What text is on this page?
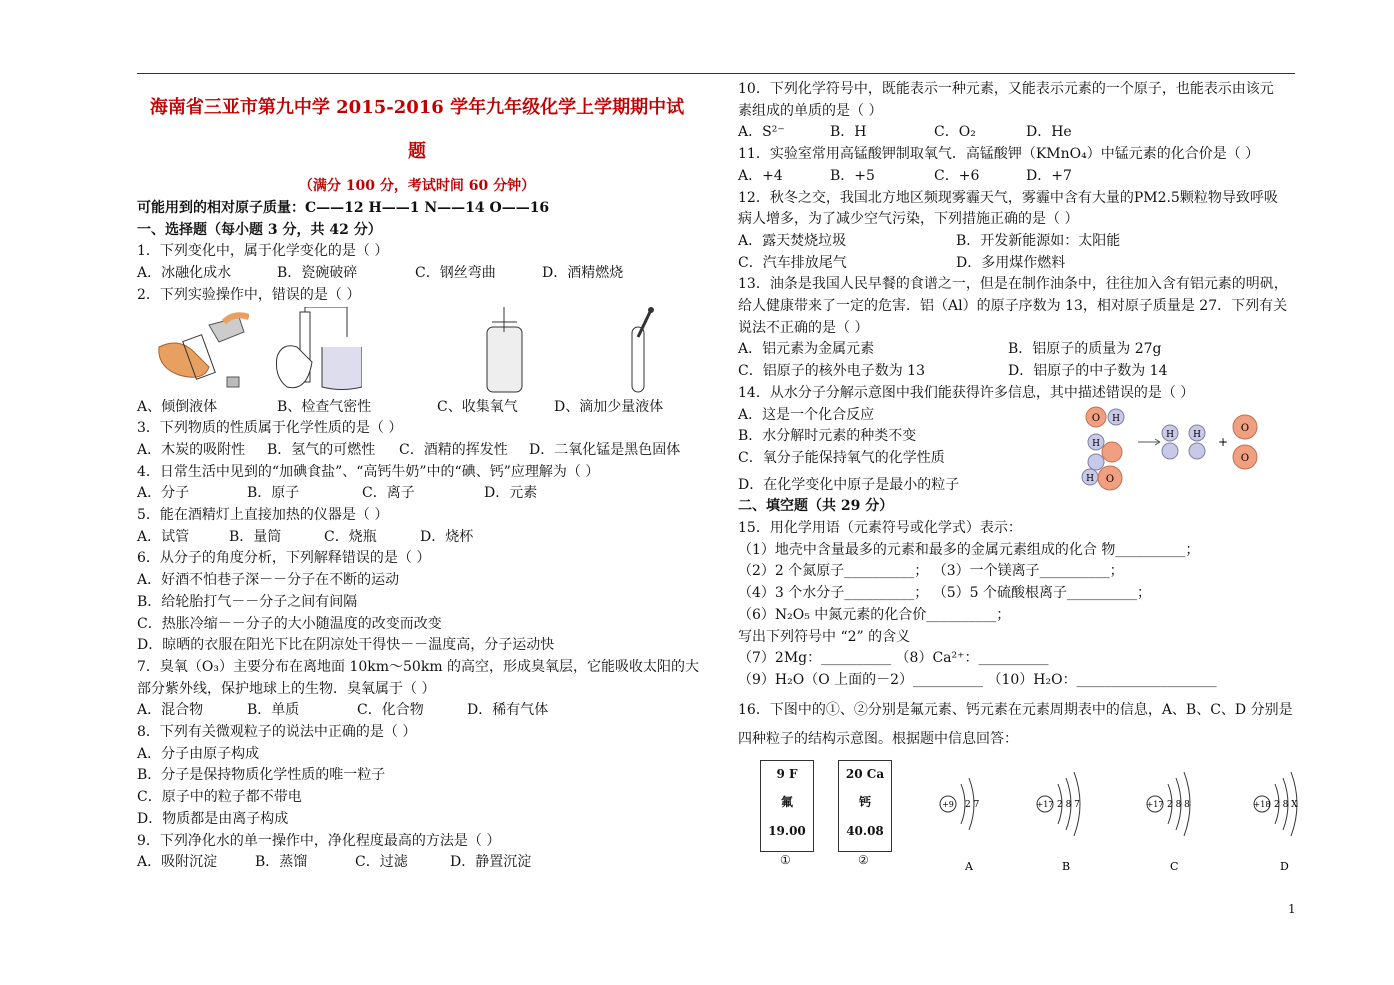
海南省三亚市第九中学 2015-2016 学年九年级化学上学期期中试
题
（满分 100 分，考试时间 60 分钟）
可能用到的相对原子质量：C——12 H——1 N——14 O——16
一、选择题（每小题 3 分，共 42 分）
1．下列变化中，属于化学变化的是（ ）
A．冰融化成水	B．瓷碗破碎	C．钢丝弯曲	D．酒精燃烧
2．下列实验操作中，错误的是（ ）
A、倾倒液体	B、检查气密性	C、收集氧气	D、滴加少量液体
3．下列物质的性质属于化学性质的是（ ）
A．木炭的吸附性	B．氢气的可燃性	C．酒精的挥发性	D．二氧化锰是黑色固体
4．日常生活中见到的“加碘食盐”、“高钙牛奶”中的“碘、钙”应理解为（ ）
A．分子	B．原子	C．离子	D．元素
5．能在酒精灯上直接加热的仪器是（ ）
A．试管	B．量筒	C．烧瓶	D．烧杯
6．从分子的角度分析，下列解释错误的是（ ）
A．好酒不怕巷子深－－分子在不断的运动
B．给轮胎打气－－分子之间有间隔
C．热胀冷缩－－分子的大小随温度的改变而改变
D．晾晒的衣服在阳光下比在阴凉处干得快－－温度高，分子运动快
7．臭氧（O₃）主要分布在离地面 10km～50km 的高空，形成臭氧层，它能吸收太阳的大
部分紫外线，保护地球上的生物．臭氧属于（ ）
A．混合物	B．单质	C．化合物	D．稀有气体
8．下列有关微观粒子的说法中正确的是（ ）
A．分子由原子构成
B．分子是保持物质化学性质的唯一粒子
C．原子中的粒子都不带电
D．物质都是由离子构成
9．下列净化水的单一操作中，净化程度最高的方法是（ ）
A．吸附沉淀	B．蒸馏	C．过滤	D．静置沉淀
10．下列化学符号中，既能表示一种元素，又能表示元素的一个原子，也能表示由该元
素组成的单质的是（ ）
A．S²⁻	B．H	C．O₂	D．He
11．实验室常用高锰酸钾制取氧气．高锰酸钾（KMnO₄）中锰元素的化合价是（ ）
A．+4	B．+5	C．+6	D．+7
12．秋冬之交，我国北方地区频现雾霾天气，雾霾中含有大量的PM2.5颗粒物导致呼吸
病人增多，为了减少空气污染，下列措施正确的是（ ）
A．露天焚烧垃圾	B．开发新能源如：太阳能
C．汽车排放尾气	D．多用煤作燃料
13．油条是我国人民早餐的食谱之一，但是在制作油条中，往往加入含有铝元素的明矾，
给人健康带来了一定的危害．铝（Al）的原子序数为 13，相对原子质量是 27．下列有关
说法不正确的是（ ）
A．铝元素为金属元素	B．铝原子的质量为 27g
C．铝原子的核外电子数为 13	D．铝原子的中子数为 14
14．从水分子分解示意图中我们能获得许多信息，其中描述错误的是（ ）
A．这是一个化合反应
B．水分解时元素的种类不变
C．氧分子能保持氧气的化学性质
D．在化学变化中原子是最小的粒子
二、填空题（共 29 分）
15．用化学用语（元素符号或化学式）表示：
（1）地壳中含量最多的元素和最多的金属元素组成的化合 物__________；
（2）2 个氮原子__________； （3）一个镁离子__________；
（4）3 个水分子__________； （5）5 个硫酸根离子__________；
（6）N₂O₅ 中氮元素的化合价__________；
写出下列符号中 “2” 的含义
（7）2Mg：__________ （8）Ca²⁺：__________
（9）H₂O（O 上面的－2）__________ （10）H₂O：____________________
16．下图中的①、②分别是氟元素、钙元素在元素周期表中的信息，A、B、C、D 分别是
四种粒子的结构示意图。根据题中信息回答：
O H
H
H O
H H +
O
O
9 F
氟
19.00
①
20 Ca
钙
40.08
②
+9 2 7
A
+17 2 8 7
B
+17 2 8 8
C
+18 2 8 X
D
1
